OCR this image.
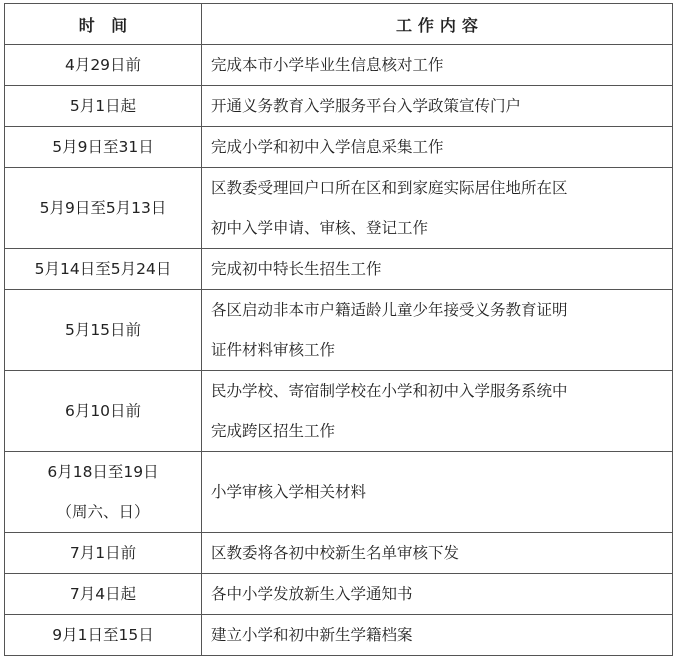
时　间	工 作 内 容

4月29日前	完成本市小学毕业生信息核对工作

5月1日起	开通义务教育入学服务平台入学政策宣传门户

5月9日至31日	完成小学和初中入学信息采集工作

5月9日至5月13日	区教委受理回户口所在区和到家庭实际居住地所在区
初中入学申请、审核、登记工作

5月14日至5月24日	完成初中特长生招生工作

5月15日前	各区启动非本市户籍适龄儿童少年接受义务教育证明
证件材料审核工作

6月10日前	民办学校、寄宿制学校在小学和初中入学服务系统中
完成跨区招生工作

6月18日至19日
（周六、日）	小学审核入学相关材料

7月1日前	区教委将各初中校新生名单审核下发

7月4日起	各中小学发放新生入学通知书

9月1日至15日	建立小学和初中新生学籍档案
